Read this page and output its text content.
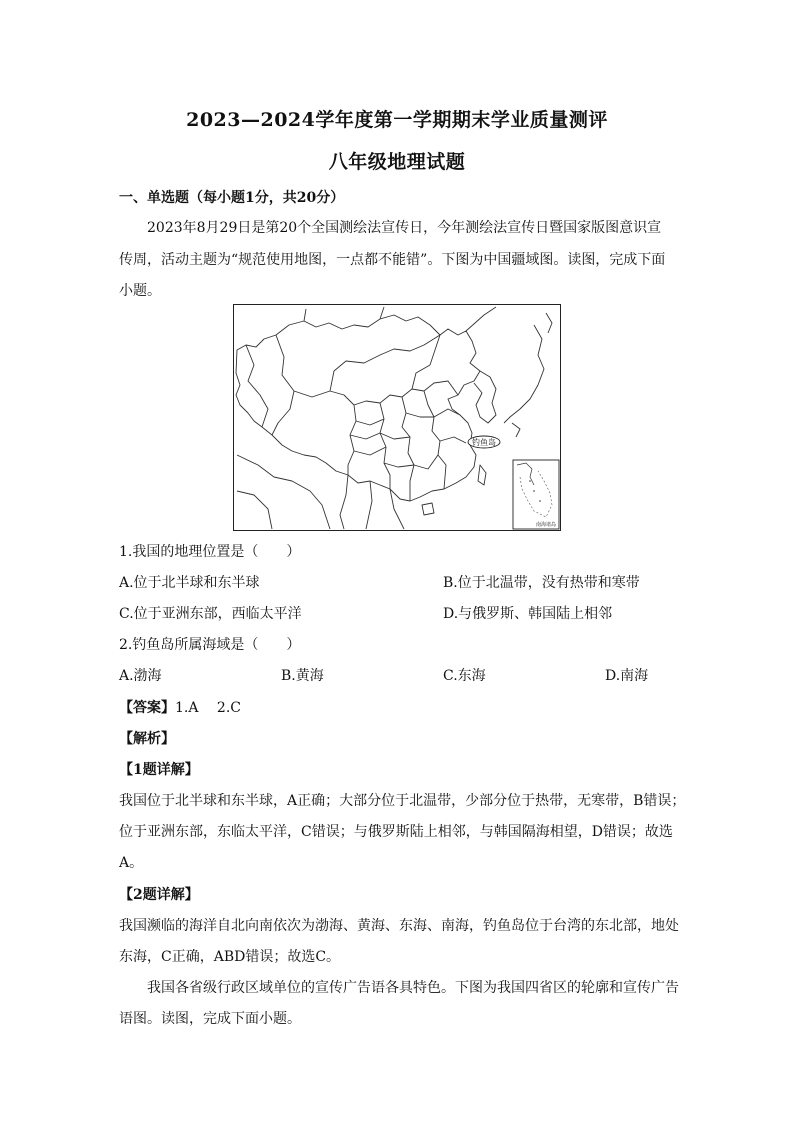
2023—2024学年度第一学期期末学业质量测评
八年级地理试题
一、单选题（每小题1分，共20分）
2023年8月29日是第20个全国测绘法宣传日，今年测绘法宣传日暨国家版图意识宣
传周，活动主题为“规范使用地图，一点都不能错”。下图为中国疆域图。读图，完成下面
小题。
钓鱼岛
南海诸岛
1.我国的地理位置是（　　）
A.位于北半球和东半球	B.位于北温带，没有热带和寒带
C.位于亚洲东部，西临太平洋	D.与俄罗斯、韩国陆上相邻
2.钓鱼岛所属海域是（　　）
A.渤海	B.黄海	C.东海	D.南海
【答案】1.A　 2.C
【解析】
【1题详解】
我国位于北半球和东半球，A正确；大部分位于北温带，少部分位于热带，无寒带，B错误；
位于亚洲东部，东临太平洋，C错误；与俄罗斯陆上相邻，与韩国隔海相望，D错误；故选
A。
【2题详解】
我国濒临的海洋自北向南依次为渤海、黄海、东海、南海，钓鱼岛位于台湾的东北部，地处
东海，C正确，ABD错误；故选C。
我国各省级行政区域单位的宣传广告语各具特色。下图为我国四省区的轮廓和宣传广告
语图。读图，完成下面小题。
